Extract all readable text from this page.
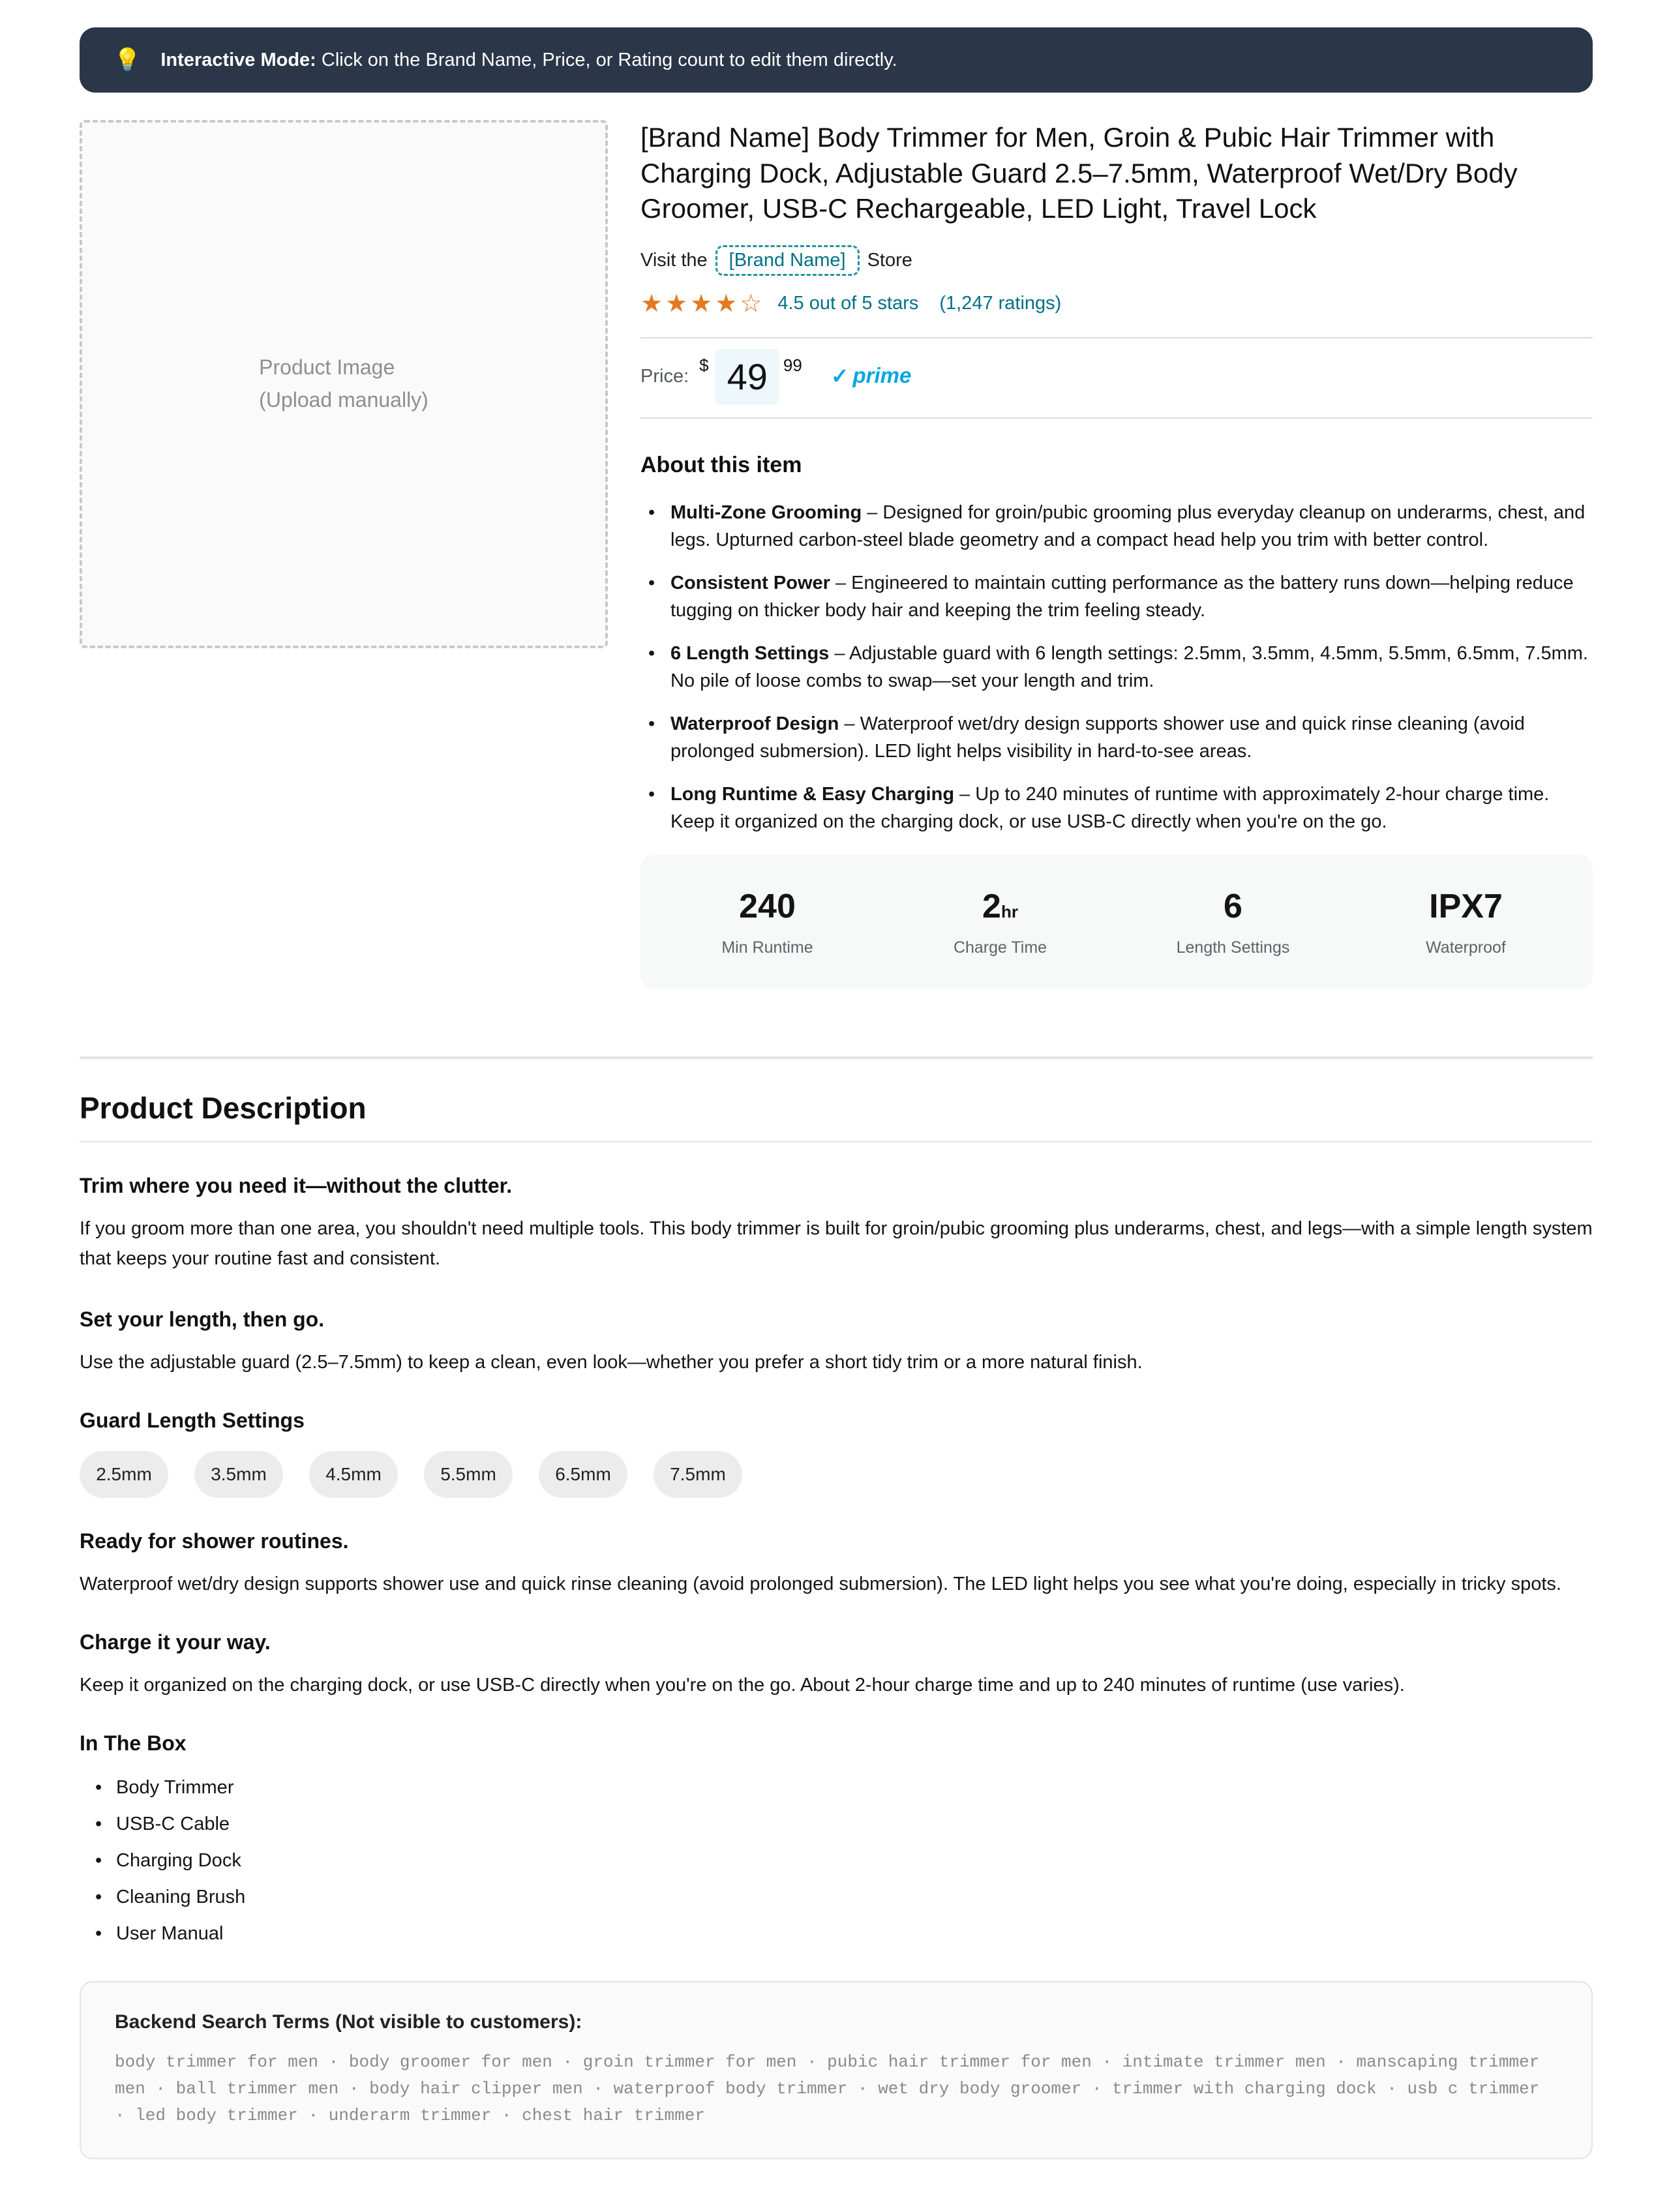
💡 Interactive Mode: Click on the Brand Name, Price, or Rating count to edit them directly.
Product Image
(Upload manually)
[Brand Name] Body Trimmer for Men, Groin & Pubic Hair Trimmer with Charging Dock, Adjustable Guard 2.5–7.5mm, Waterproof Wet/Dry Body Groomer, USB-C Rechargeable, LED Light, Travel Lock
Visit the	[Brand Name]	Store
★★★★☆ 4.5 out of 5 stars (1,247 ratings)
Price:
$	49	99	✓ prime
About this item
• Multi-Zone Grooming – Designed for groin/pubic grooming plus everyday cleanup on underarms, chest, and legs. Upturned carbon-steel blade geometry and a compact head help you trim with better control.
• Consistent Power – Engineered to maintain cutting performance as the battery runs down—helping reduce tugging on thicker body hair and keeping the trim feeling steady.
• 6 Length Settings – Adjustable guard with 6 length settings: 2.5mm, 3.5mm, 4.5mm, 5.5mm, 6.5mm, 7.5mm. No pile of loose combs to swap—set your length and trim.
• Waterproof Design – Waterproof wet/dry design supports shower use and quick rinse cleaning (avoid prolonged submersion). LED light helps visibility in hard-to-see areas.
• Long Runtime & Easy Charging – Up to 240 minutes of runtime with approximately 2-hour charge time. Keep it organized on the charging dock, or use USB-C directly when you're on the go.
240
Min Runtime
2hr
Charge Time
6
Length Settings
IPX7
Waterproof
Product Description
Trim where you need it—without the clutter.

If you groom more than one area, you shouldn't need multiple tools. This body trimmer is built for groin/pubic grooming plus underarms, chest, and legs—with a simple length system that keeps your routine fast and consistent.

Set your length, then go.

Use the adjustable guard (2.5–7.5mm) to keep a clean, even look—whether you prefer a short tidy trim or a more natural finish.

Guard Length Settings
2.5mm	3.5mm	4.5mm	5.5mm	6.5mm	7.5mm
Ready for shower routines.

Waterproof wet/dry design supports shower use and quick rinse cleaning (avoid prolonged submersion). The LED light helps you see what you're doing, especially in tricky spots.

Charge it your way.

Keep it organized on the charging dock, or use USB-C directly when you're on the go. About 2-hour charge time and up to 240 minutes of runtime (use varies).

In The Box
• Body Trimmer
• USB-C Cable
• Charging Dock
• Cleaning Brush
• User Manual
Backend Search Terms (Not visible to customers):
body trimmer for men · body groomer for men · groin trimmer for men · pubic hair trimmer for men · intimate trimmer men · manscaping trimmer men · ball trimmer men · body hair clipper men · waterproof body trimmer · wet dry body groomer · trimmer with charging dock · usb c trimmer · led body trimmer · underarm trimmer · chest hair trimmer
